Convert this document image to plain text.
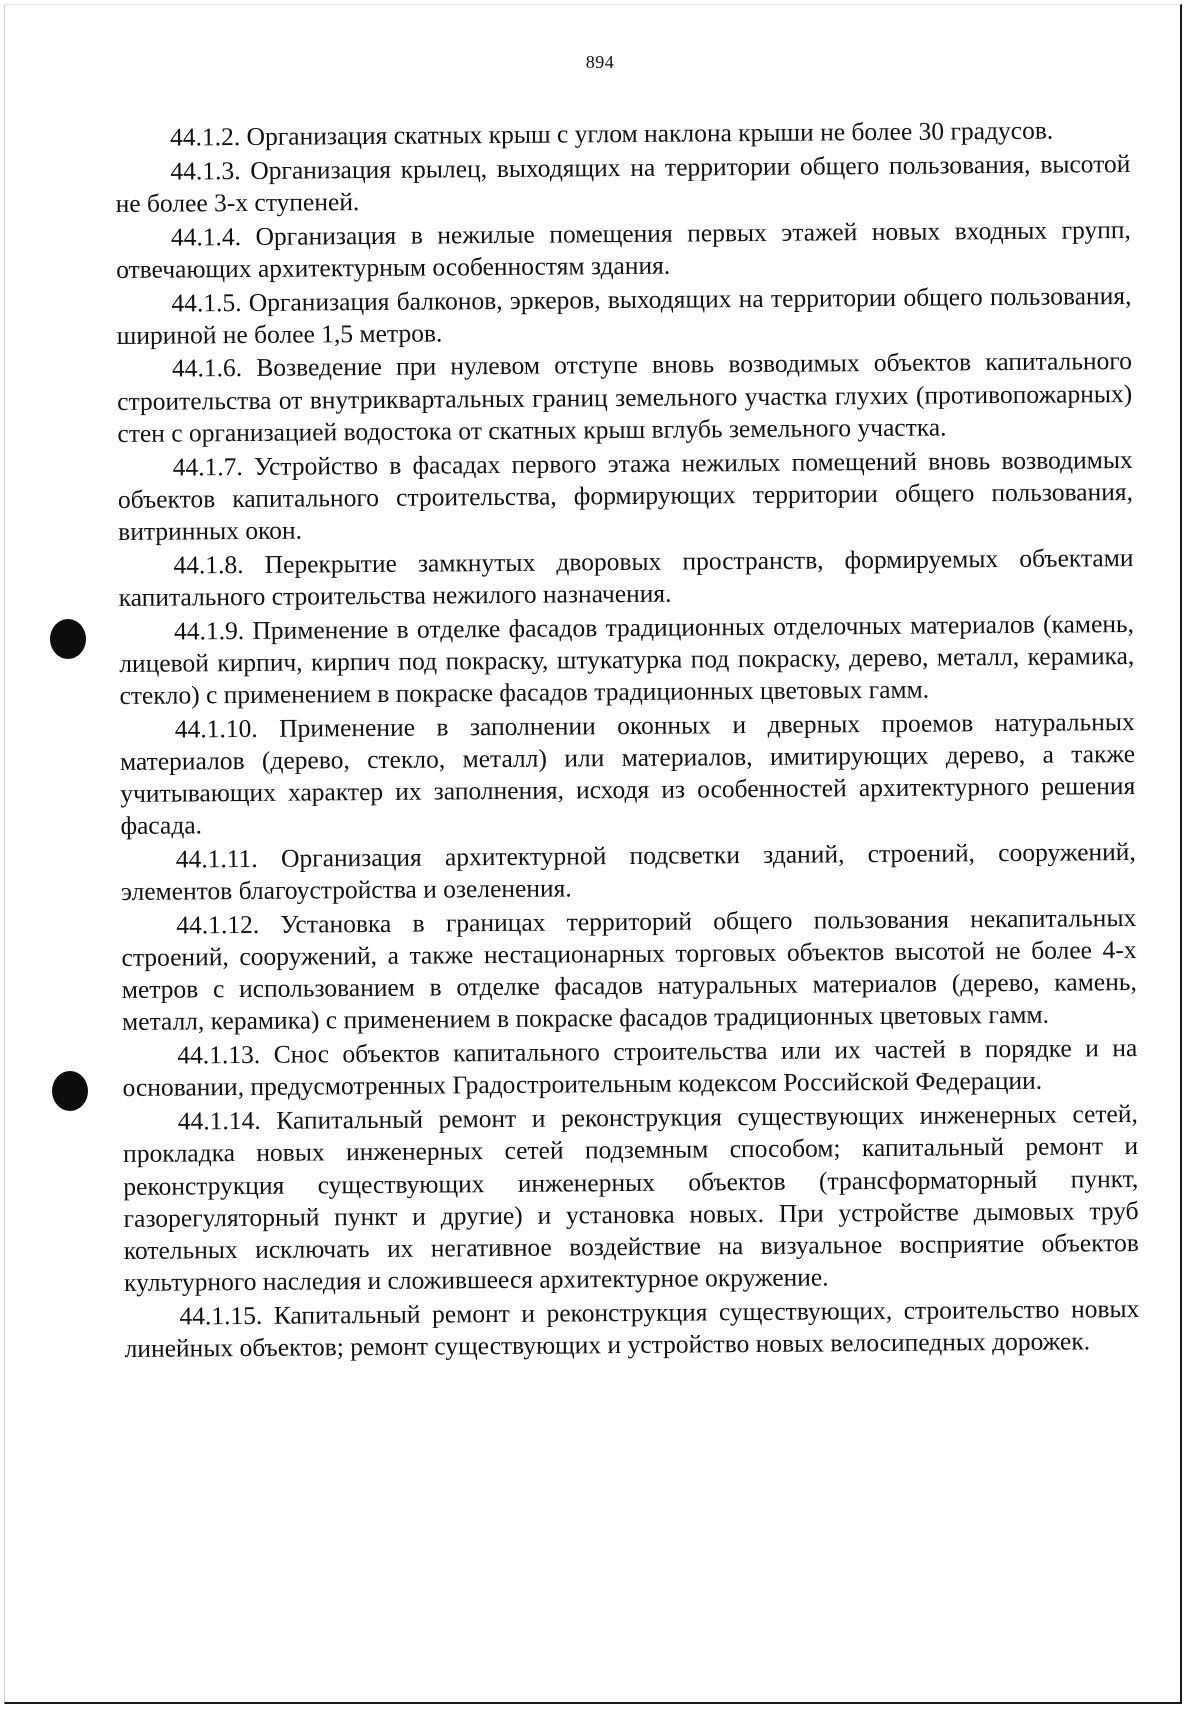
894

44.1.2. Организация скатных крыш с углом наклона крыши не более 30 градусов.

44.1.3. Организация крылец, выходящих на территории общего пользования, высотой не более 3-х ступеней.

44.1.4. Организация в нежилые помещения первых этажей новых входных групп, отвечающих архитектурным особенностям здания.

44.1.5. Организация балконов, эркеров, выходящих на территории общего пользования, шириной не более 1,5 метров.

44.1.6. Возведение при нулевом отступе вновь возводимых объектов капитального строительства от внутриквартальных границ земельного участка глухих (противопожарных) стен с организацией водостока от скатных крыш вглубь земельного участка.

44.1.7. Устройство в фасадах первого этажа нежилых помещений вновь возводимых объектов капитального строительства, формирующих территории общего пользования, витринных окон.

44.1.8. Перекрытие замкнутых дворовых пространств, формируемых объектами капитального строительства нежилого назначения.

44.1.9. Применение в отделке фасадов традиционных отделочных материалов (камень, лицевой кирпич, кирпич под покраску, штукатурка под покраску, дерево, металл, керамика, стекло) с применением в покраске фасадов традиционных цветовых гамм.

44.1.10. Применение в заполнении оконных и дверных проемов натуральных материалов (дерево, стекло, металл) или материалов, имитирующих дерево, а также учитывающих характер их заполнения, исходя из особенностей архитектурного решения фасада.

44.1.11. Организация архитектурной подсветки зданий, строений, сооружений, элементов благоустройства и озеленения.

44.1.12. Установка в границах территорий общего пользования некапитальных строений, сооружений, а также нестационарных торговых объектов высотой не более 4-х метров с использованием в отделке фасадов натуральных материалов (дерево, камень, металл, керамика) с применением в покраске фасадов традиционных цветовых гамм.

44.1.13. Снос объектов капитального строительства или их частей в порядке и на основании, предусмотренных Градостроительным кодексом Российской Федерации.

44.1.14. Капитальный ремонт и реконструкция существующих инженерных сетей, прокладка новых инженерных сетей подземным способом; капитальный ремонт и реконструкция существующих инженерных объектов (трансформаторный пункт, газорегуляторный пункт и другие) и установка новых. При устройстве дымовых труб котельных исключать их негативное воздействие на визуальное восприятие объектов культурного наследия и сложившееся архитектурное окружение.

44.1.15. Капитальный ремонт и реконструкция существующих, строительство новых линейных объектов; ремонт существующих и устройство новых велосипедных дорожек.
